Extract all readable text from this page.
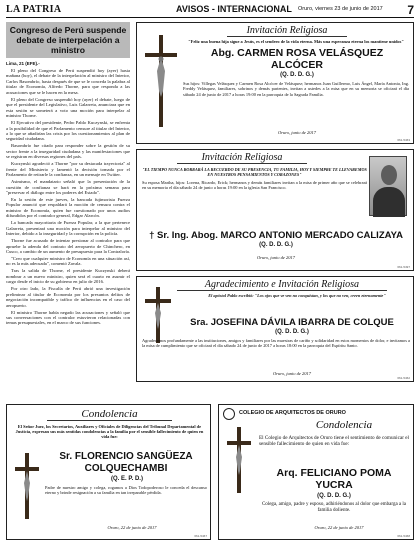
LA PATRIA	AVISOS - INTERNACIONAL Oruro, viernes 23 de junio de 2017 7
Congreso de Perú suspende debate de interpelación a ministro
Lima, 21 (EFE).-

El pleno del Congreso de Perú suspendió hoy (ayer) hasta mañana (hoy), el debate de la interpelación al ministro del Interior, Carlos Basombrío, hasta después de que se le conceda la palabra al titular de Economía, Alfredo Thorne, para que responda a las acusaciones que se le hacen en la mesa.

El pleno del Congreso suspendió hoy (ayer) el debate, luego de que el presidente del Legislativo, Luis Galarreta, anunciara que en esta sesión se someterá a voto una moción para interpelar al ministro Thorne.

El Ejecutivo del presidente, Pedro Pablo Kuczynski, se enfrenta a la posibilidad de que el Parlamento censure al titular del Interior, a lo que se añadirían las crisis por los cuestionamientos al plan de seguridad ciudadana.

Basombrío fue citado para responder sobre la gestión de su sector frente a la inseguridad ciudadana y las manifestaciones que se registran en diversas regiones del país.

Kuczynski agradeció a Thorne "por su destacada trayectoria" al frente del Ministerio y lamentó la decisión tomada por el Parlamento de retirarle la confianza, en un mensaje en Twitter.

Asimismo, el mandatario señaló que la presentación de la cuestión de confianza se hará en la próxima semana para "preservar el diálogo entre los poderes del Estado".

En la sesión de este jueves, la bancada fujimorista Fuerza Popular anunció que respaldará la moción de censura contra el ministro de Economía, quien fue cuestionado por unos audios difundidos por el contralor general, Edgar Alarcón.

La bancada mayoritaria de Fuerza Popular, a la que pertenece Galarreta, presentará una moción para interpelar al ministro del Interior, debido a la inseguridad y la corrupción en la policía.

Thorne fue acusado de intentar presionar al contralor para que apruebe la adenda del contrato del aeropuerto de Chinchero, en Cusco, a cambio de un aumento de presupuesto para la Contraloría.

"Creo que cualquier ministro de Economía en una situación así, no es la más adecuada", comentó Zavala.

Tras la salida de Thorne, el presidente Kuczynski deberá nombrar a un nuevo ministro, quien será el cuarto en asumir el cargo desde el inicio de su gobierno en julio de 2016.

Por otro lado, la Fiscalía de Perú abrió una investigación preliminar al titular de Economía por los presuntos delitos de negociación incompatible y tráfico de influencias en el caso del aeropuerto.

El ministro Thorne había negado las acusaciones y señaló que sus conversaciones con el contralor estuvieron relacionadas con temas presupuestales, en el marco de sus funciones.

Invitación Religiosa
"Feliz una buena hija sigue a Jesús, es el sendero de la vida eterna. Más una esperanza eterna los mantiene unidos"
Abg. CARMEN ROSA VELÁSQUEZ ALCÓCER
(Q. D. D. G.)
Sus hijos: Villegas Velásquez y Carmen Rosa Alcócer de Velásquez; hermanos Juan Guillermo, Luis Ángel, María Antonia, Ing. Freddy Velásquez, familiares, sobrinos y demás parientes, invitan a ustedes a la misa que en su memoria se oficiará el día sábado 24 de junio de 2017 a horas 19:00 en la parroquia de la Sagrada Familia.
Oruro, junio de 2017
661-5463
Invitación Religiosa
"EL TIEMPO NUNCA BORRARÁ LA RECUERDO DE SU PRESENCIA, TU FAMILIA, HOY Y SIEMPRE TE LLEVAREMOS EN NUESTROS PENSAMIENTOS Y CORAZONES"
Su esposa Martha, hijos: Lorena, Ricardo, Erick; hermanos y demás familiares invitan a la misa de primer año que se celebrará en su memoria el día sábado 24 de junio a horas 19:00 en la iglesia San Francisco.
† Sr. Ing. Abog. MARCO ANTONIO MERCADO CALIZAYA
(Q. D. D. G.)
Oruro, junio de 2017
661-5497
Agradecimiento e Invitación Religiosa
El apóstol Pablo escribió: "Los ojos que ve ven no conquistan, y los que no ven, creen eternamente"
Sra. JOSEFINA DÁVILA IBARRA DE COLQUE
(Q. D. D. G.)
Agradecemos profundamente a las instituciones, amigos y familiares por las muestras de cariño y solidaridad en estos momentos de dolor, e invitamos a la misa de cumplimiento que se oficiará el día sábado 24 de junio de 2017 a horas 18:00 en la parroquia del Espíritu Santo.
Oruro, junio de 2017
661-5462
Condolencia
El Señor Juez, los Secretarios, Auxiliares y Oficiales de Diligencias del Tribunal Departamental de Justicia, expresan sus más sentidas condolencias a la familia por el sensible fallecimiento de quien en vida fue:
Sr. FLORENCIO SANGÜEZA COLQUECHAMBI
(Q. E. P. D.)
Padre de nuestro amigo y colega, rogamos a Dios Todopoderoso le conceda el descanso eterno y brinde resignación a su familia en tan irreparable pérdida.
Oruro, 22 de junio de 2017
661-5467
COLEGIO DE ARQUITECTOS DE ORURO
Condolencia
El Colegio de Arquitectos de Oruro tiene el sentimiento de comunicar el sensible fallecimiento de quien en vida fue:
Arq. FELICIANO POMA YUCRA
(Q. D. D. G.)
Colega, amigo, padre y esposo, adhiriéndonos al dolor que embarga a la familia doliente.
Oruro, 22 de junio de 2017
661-5468
